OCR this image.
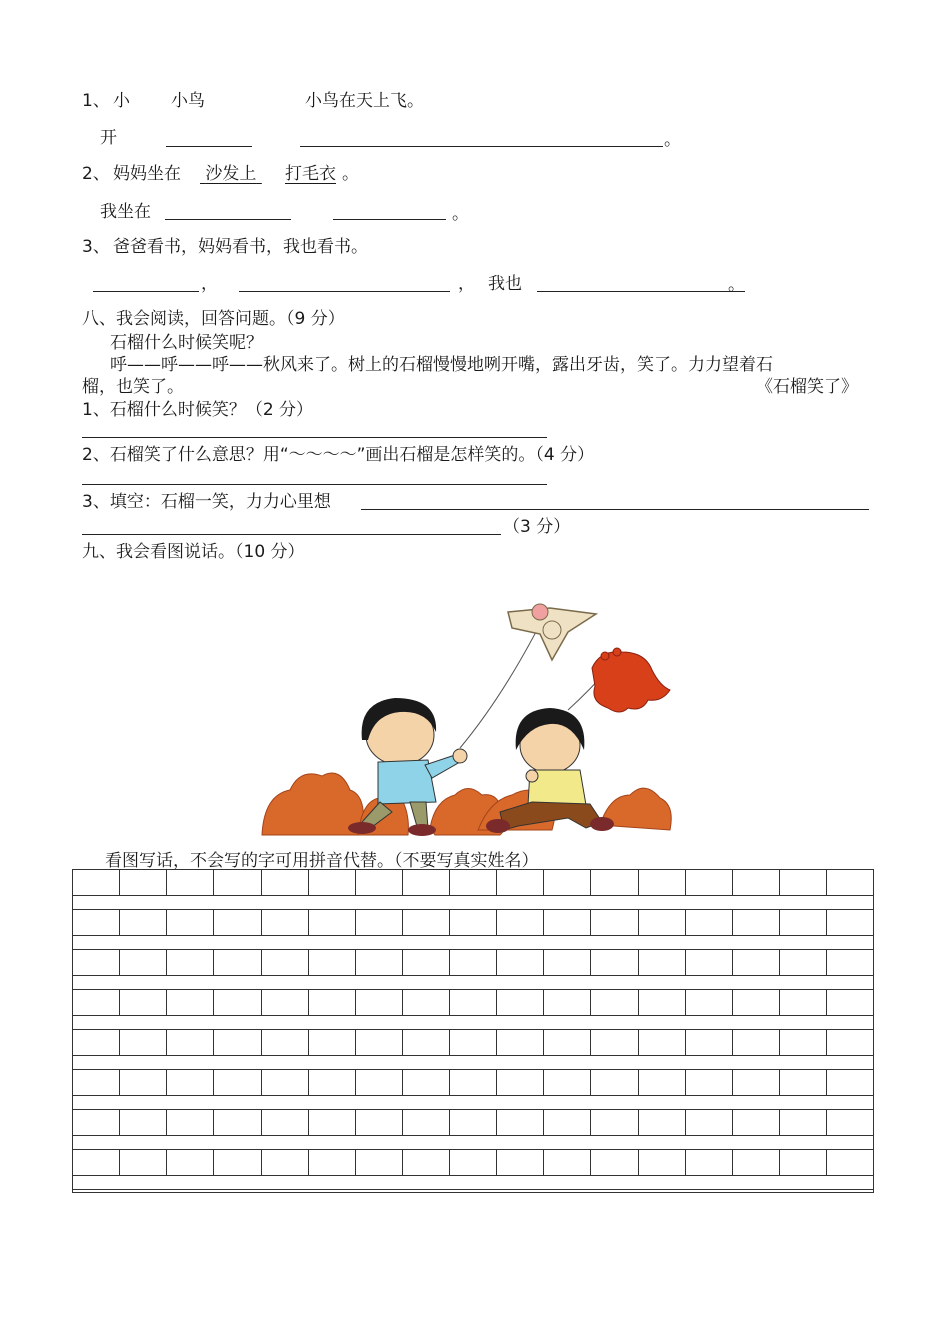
1、 小 小鸟	小鸟在天上飞。
开	。
2、 妈妈坐在	沙发上	打毛衣 。
我坐在	。
3、 爸爸看书，妈妈看书，我也看书。
，	， 我也	。
八、我会阅读，回答问题。（9 分）
石榴什么时候笑呢？
呼——呼——呼——秋风来了。树上的石榴慢慢地咧开嘴，露出牙齿，笑了。力力望着石
榴，也笑了。	《石榴笑了》
1、石榴什么时候笑？（2 分）
2、石榴笑了什么意思？用“～～～～”画出石榴是怎样笑的。（4 分）
3、填空：石榴一笑，力力心里想
（3 分）
九、我会看图说话。（10 分）
看图写话，不会写的字可用拼音代替。（不要写真实姓名）
